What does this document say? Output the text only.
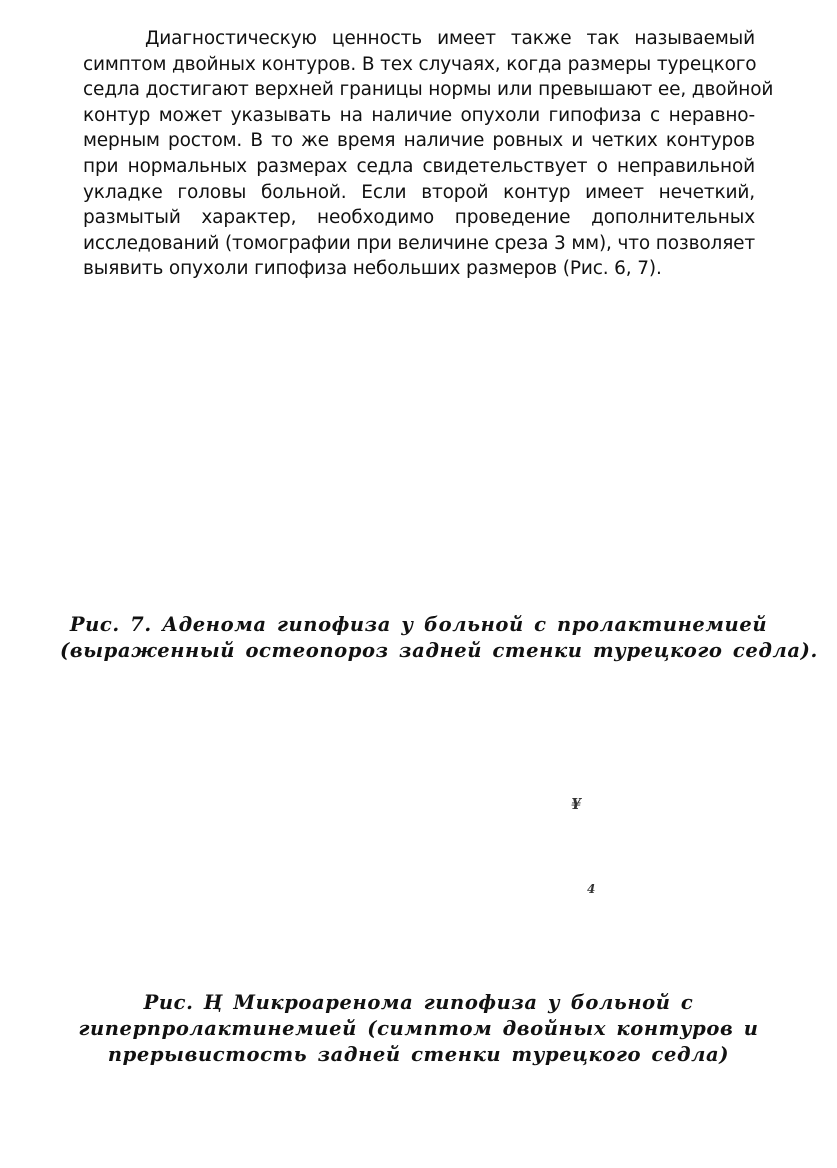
Диагностическую ценность имеет также так называемый
симптом двойных контуров. В тех случаях, когда размеры турецкого
седла достигают верхней границы нормы или превышают ее, двойной
контур может указывать на наличие опухоли гипофиза с неравно-
мерным ростом. В то же время наличие ровных и четких контуров
при нормальных размерах седла свидетельствует о неправильной
укладке головы больной. Если второй контур имеет нечеткий,
размытый характер, необходимо проведение дополнительных
исследований (томографии при величине среза 3 мм), что позволяет
выявить опухоли гипофиза небольших размеров (Рис. 6, 7).
Рис. 7. Аденома гипофиза у больной с пролактинемией
(выраженный остеопороз задней стенки турецкого седла).
¥
4
Рис. Ң Микроаренома гипофиза у больной с
гиперпролактинемией (симптом двойных контуров и
прерывистость задней стенки турецкого седла)
